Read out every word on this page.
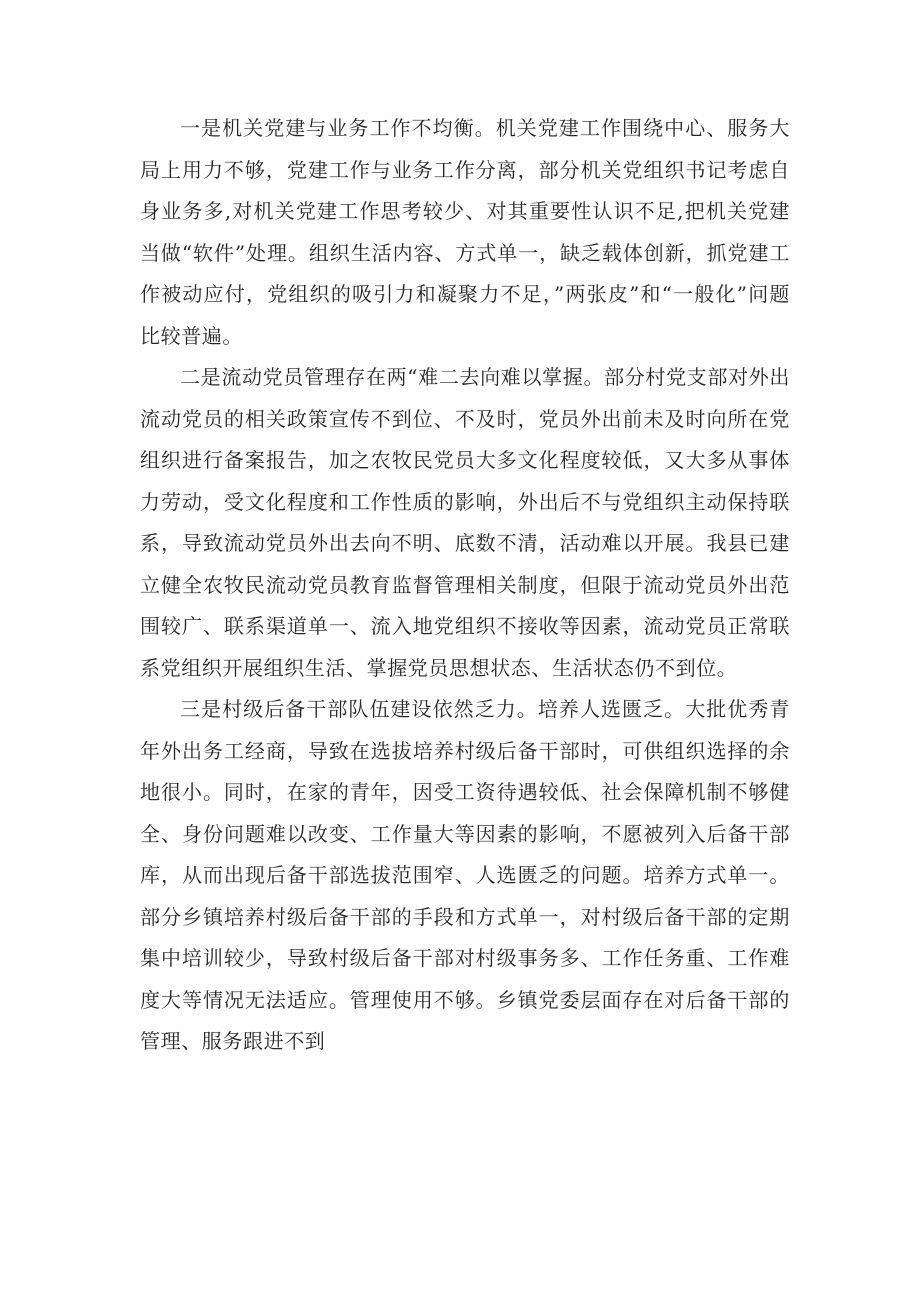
一是机关党建与业务工作不均衡。机关党建工作围绕中心、服务大局上用力不够，党建工作与业务工作分离，部分机关党组织书记考虑自身业务多,对机关党建工作思考较少、对其重要性认识不足,把机关党建当做“软件”处理。组织生活内容、方式单一，缺乏载体创新，抓党建工作被动应付，党组织的吸引力和凝聚力不足，”两张皮”和“一般化”问题比较普遍。

二是流动党员管理存在两“难二去向难以掌握。部分村党支部对外出流动党员的相关政策宣传不到位、不及时，党员外出前未及时向所在党组织进行备案报告，加之农牧民党员大多文化程度较低，又大多从事体力劳动，受文化程度和工作性质的影响，外出后不与党组织主动保持联系，导致流动党员外出去向不明、底数不清，活动难以开展。我县已建立健全农牧民流动党员教育监督管理相关制度，但限于流动党员外出范围较广、联系渠道单一、流入地党组织不接收等因素，流动党员正常联系党组织开展组织生活、掌握党员思想状态、生活状态仍不到位。

三是村级后备干部队伍建设依然乏力。培养人选匮乏。大批优秀青年外出务工经商，导致在选拔培养村级后备干部时，可供组织选择的余地很小。同时，在家的青年，因受工资待遇较低、社会保障机制不够健全、身份问题难以改变、工作量大等因素的影响，不愿被列入后备干部库，从而出现后备干部选拔范围窄、人选匮乏的问题。培养方式单一。部分乡镇培养村级后备干部的手段和方式单一，对村级后备干部的定期集中培训较少，导致村级后备干部对村级事务多、工作任务重、工作难度大等情况无法适应。管理使用不够。乡镇党委层面存在对后备干部的管理、服务跟进不到
